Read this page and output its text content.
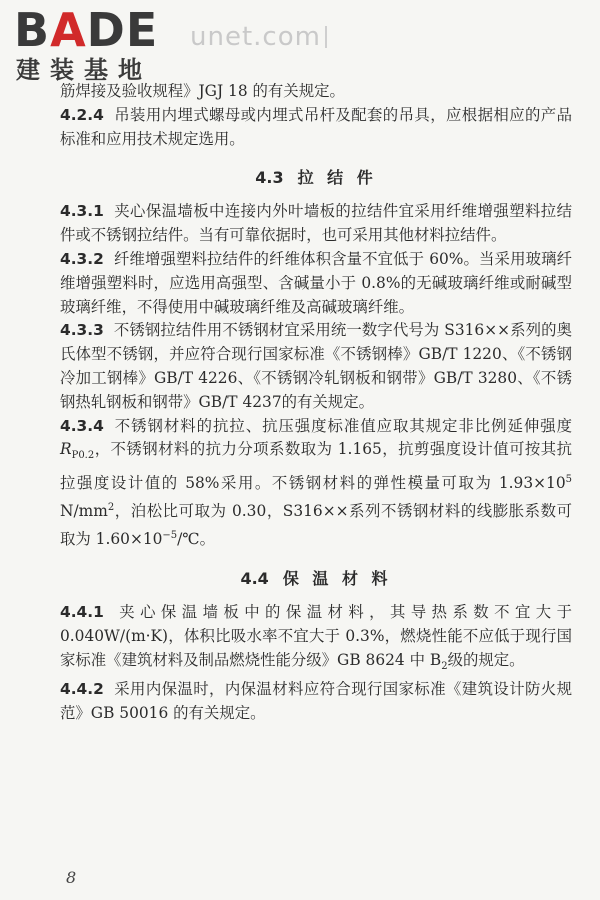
BADE
建装基地
unet.com

筋焊接及验收规程》JGJ 18 的有关规定。

4.2.4 吊装用内埋式螺母或内埋式吊杆及配套的吊具，应根据相应的产品标准和应用技术规定选用。

4.3 拉 结 件

4.3.1 夹心保温墙板中连接内外叶墙板的拉结件宜采用纤维增强塑料拉结件或不锈钢拉结件。当有可靠依据时，也可采用其他材料拉结件。

4.3.2 纤维增强塑料拉结件的纤维体积含量不宜低于 60%。当采用玻璃纤维增强塑料时，应选用高强型、含碱量小于 0.8%的无碱玻璃纤维或耐碱型玻璃纤维，不得使用中碱玻璃纤维及高碱玻璃纤维。

4.3.3 不锈钢拉结件用不锈钢材宜采用统一数字代号为 S316××系列的奥氏体型不锈钢，并应符合现行国家标准《不锈钢棒》GB/T 1220、《不锈钢冷加工钢棒》GB/T 4226、《不锈钢冷轧钢板和钢带》GB/T 3280、《不锈钢热轧钢板和钢带》GB/T 4237的有关规定。

4.3.4 不锈钢材料的抗拉、抗压强度标准值应取其规定非比例延伸强度 $R_{P0.2}$，不锈钢材料的抗力分项系数取为 1.165，抗剪强度设计值可按其抗拉强度设计值的 58%采用。不锈钢材料的弹性模量可取为 $1.93\times 10^5$ $N/mm^2$，泊松比可取为 0.30，S316××系列不锈钢材料的线膨胀系数可取为 $1.60\times 10^{-5}/℃$。

4.4 保 温 材 料

4.4.1 夹心保温墙板中的保温材料，其导热系数不宜大于 0.040W/(m·K)，体积比吸水率不宜大于 0.3%，燃烧性能不应低于现行国家标准《建筑材料及制品燃烧性能分级》GB 8624 中 $B_2$级的规定。

4.4.2 采用内保温时，内保温材料应符合现行国家标准《建筑设计防火规范》GB 50016 的有关规定。

8
